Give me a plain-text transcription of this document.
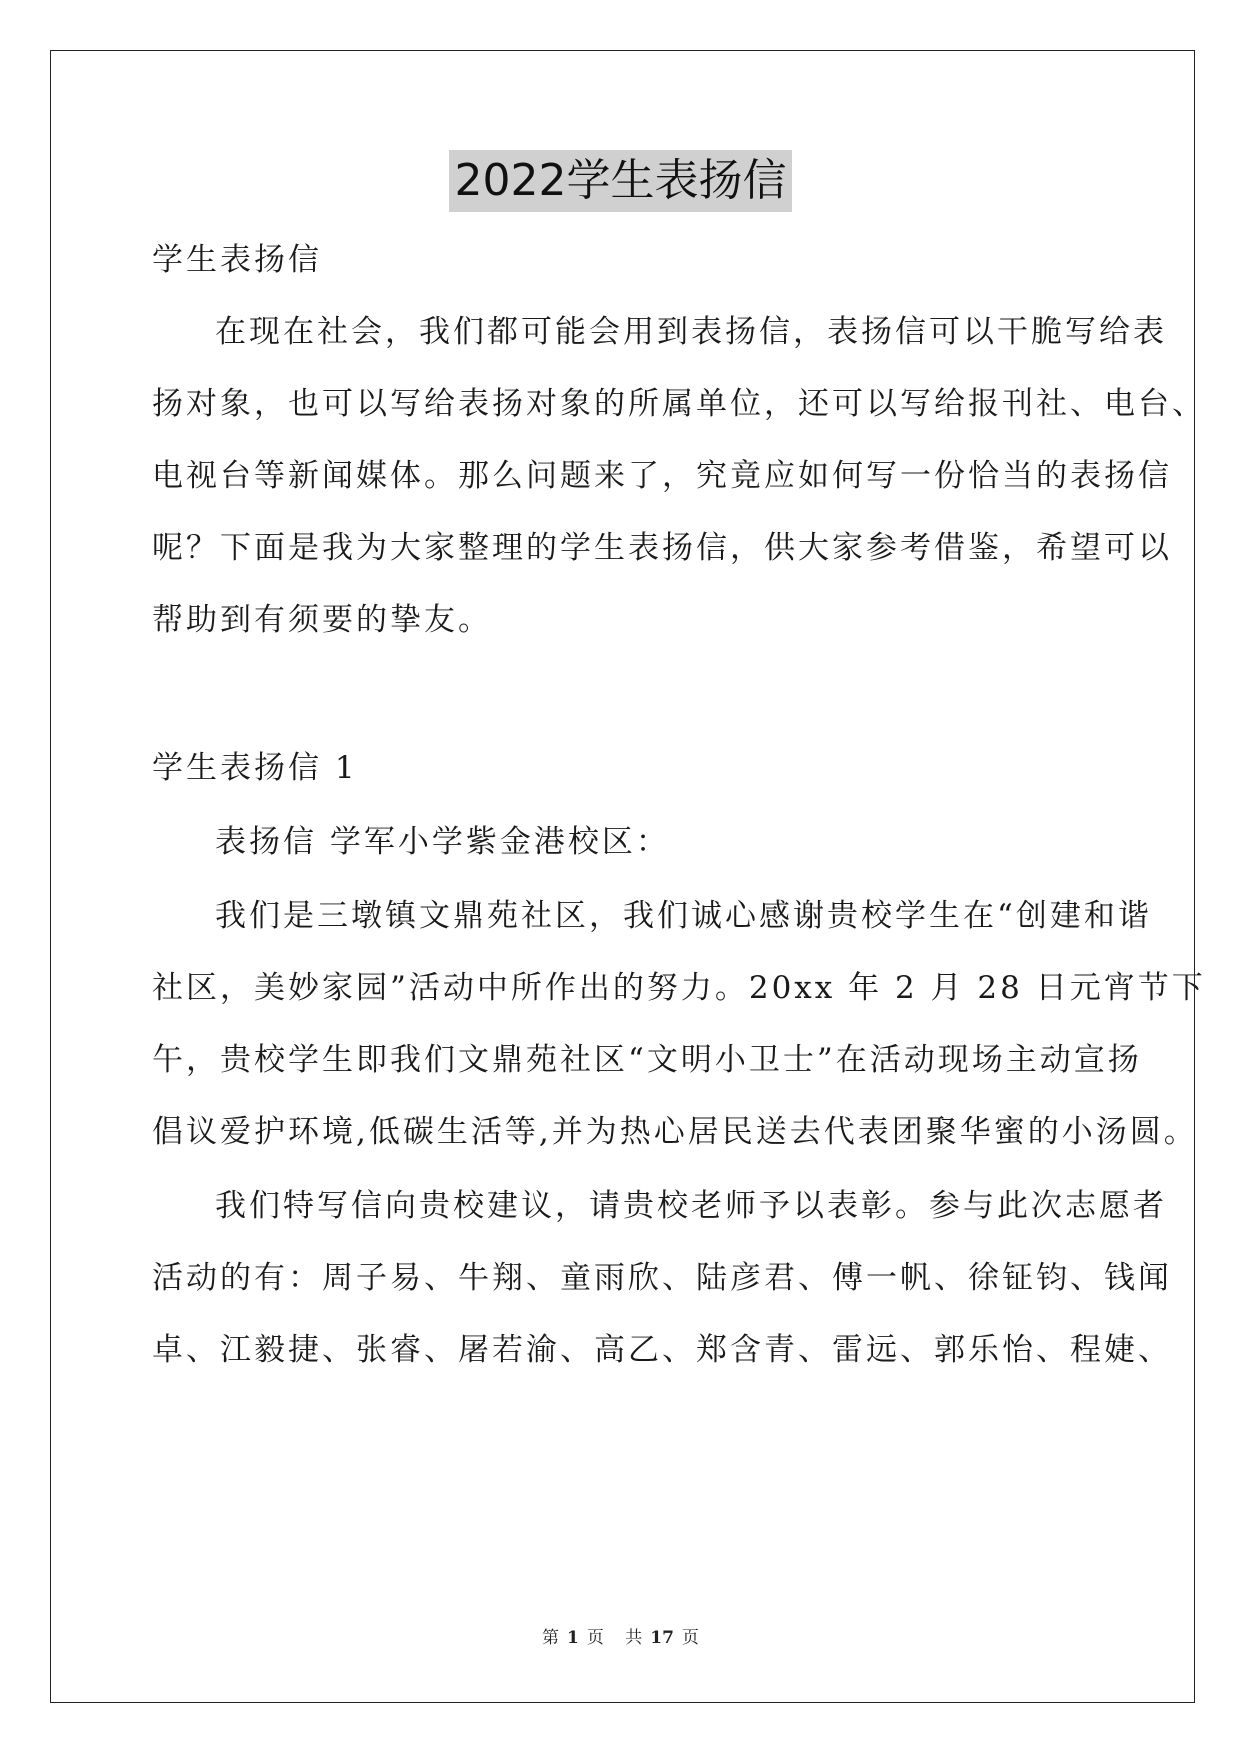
2022学生表扬信
学生表扬信
在现在社会，我们都可能会用到表扬信，表扬信可以干脆写给表
扬对象，也可以写给表扬对象的所属单位，还可以写给报刊社、电台、
电视台等新闻媒体。那么问题来了，究竟应如何写一份恰当的表扬信
呢？下面是我为大家整理的学生表扬信，供大家参考借鉴，希望可以
帮助到有须要的挚友。
学生表扬信 1
表扬信 学军小学紫金港校区：
我们是三墩镇文鼎苑社区，我们诚心感谢贵校学生在“创建和谐
社区，美妙家园”活动中所作出的努力。20xx 年 2 月 28 日元宵节下
午，贵校学生即我们文鼎苑社区“文明小卫士”在活动现场主动宣扬
倡议爱护环境,低碳生活等,并为热心居民送去代表团聚华蜜的小汤圆。
我们特写信向贵校建议，请贵校老师予以表彰。参与此次志愿者
活动的有：周子易、牛翔、童雨欣、陆彦君、傅一帆、徐钲钧、钱闻
卓、江毅捷、张睿、屠若渝、高乙、郑含青、雷远、郭乐怡、程婕、
第 1 页 共 17 页
